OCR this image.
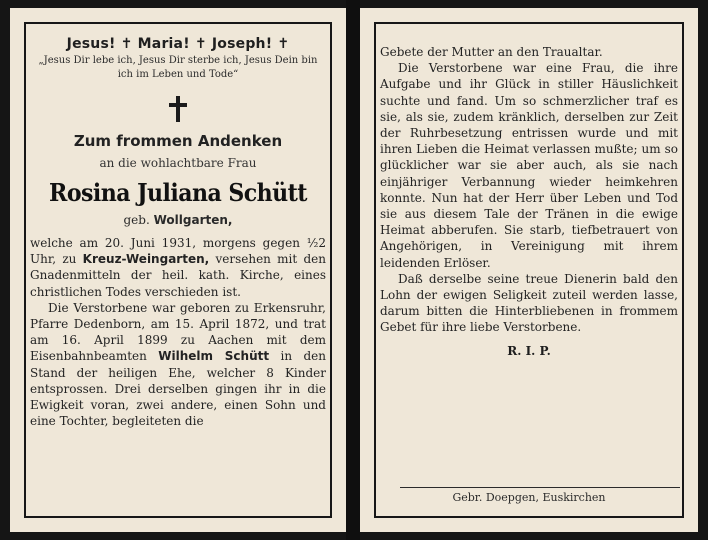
Jesus! ✝ Maria! ✝ Joseph! ✝
„Jesus Dir lebe ich, Jesus Dir sterbe ich, Jesus Dein bin ich im Leben und Tode“
Zum frommen Andenken
an die wohlachtbare Frau
Rosina Juliana Schütt
geb. Wollgarten,

welche am 20. Juni 1931, morgens gegen ½2 Uhr, zu Kreuz-Weingarten, versehen mit den Gnadenmitteln der heil. kath. Kirche, eines christlichen Todes verschieden ist.

Die Verstorbene war geboren zu Erkensruhr, Pfarre Dedenborn, am 15. April 1872, und trat am 16. April 1899 zu Aachen mit dem Eisenbahnbeamten Wilhelm Schütt in den Stand der heiligen Ehe, welcher 8 Kinder entsprossen. Drei derselben gingen ihr in die Ewigkeit voran, zwei andere, einen Sohn und eine Tochter, begleiteten die

Gebete der Mutter an den Traualtar.

Die Verstorbene war eine Frau, die ihre Aufgabe und ihr Glück in stiller Häuslichkeit suchte und fand. Um so schmerzlicher traf es sie, als sie, zudem kränklich, derselben zur Zeit der Ruhrbesetzung entrissen wurde und mit ihren Lieben die Heimat verlassen mußte; um so glücklicher war sie aber auch, als sie nach einjähriger Verbannung wieder heimkehren konnte. Nun hat der Herr über Leben und Tod sie aus diesem Tale der Tränen in die ewige Heimat abberufen. Sie starb, tiefbetrauert von Angehörigen, in Vereinigung mit ihrem leidenden Erlöser.

Daß derselbe seine treue Dienerin bald den Lohn der ewigen Seligkeit zuteil werden lasse, darum bitten die Hinterbliebenen in frommem Gebet für ihre liebe Verstorbene.

R. I. P.
Gebr. Doepgen, Euskirchen
